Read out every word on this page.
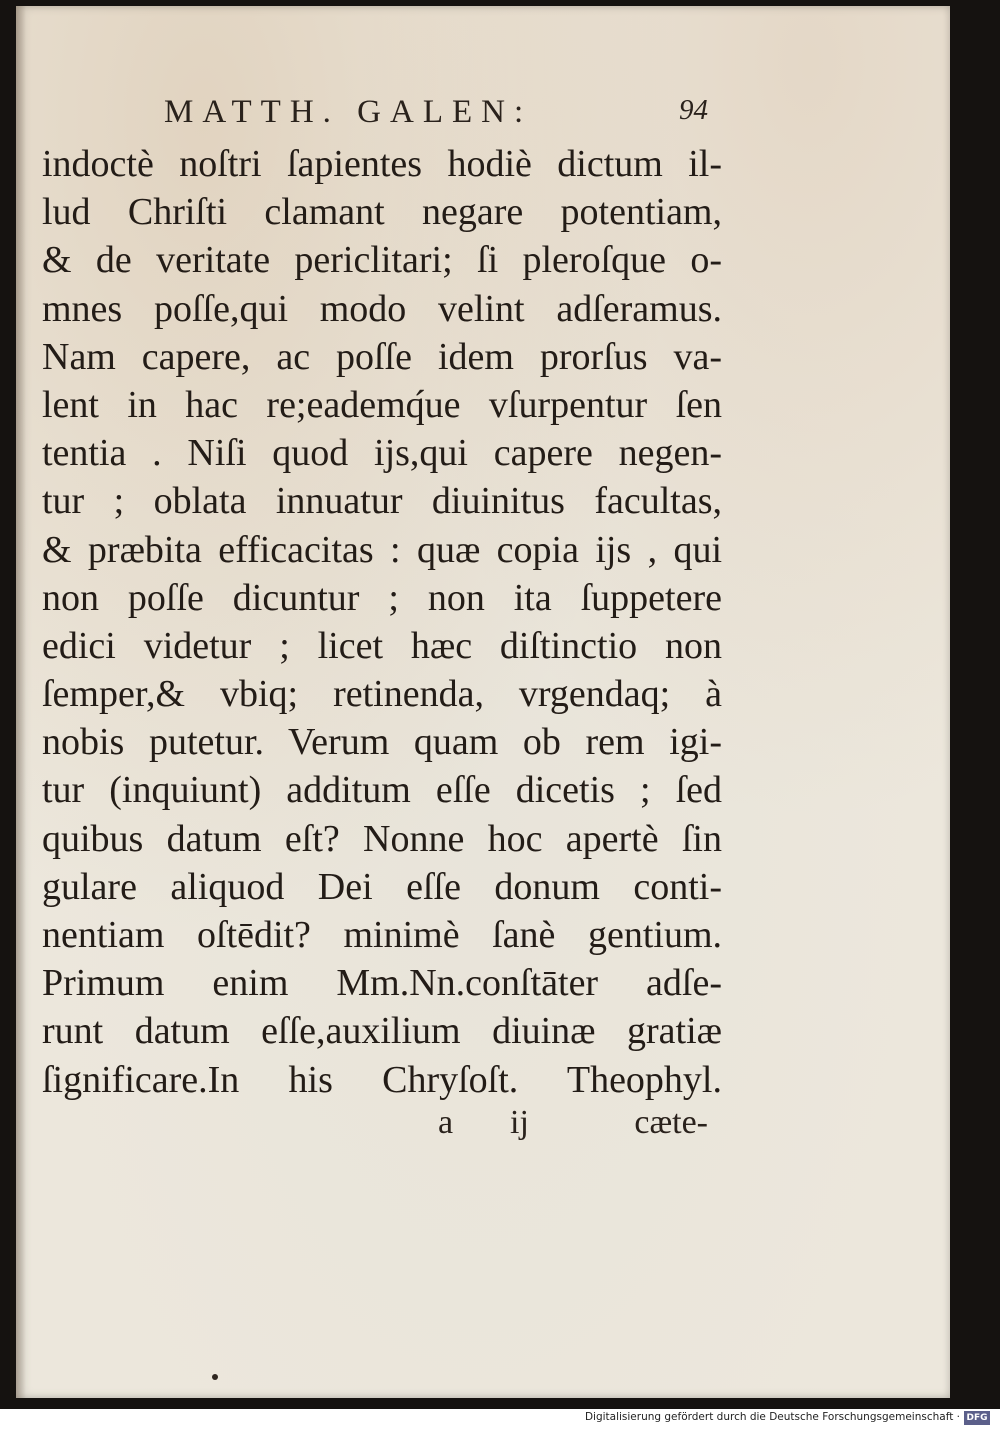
MATTH. GALEN:	94
indoctè noſtri ſapientes hodiè dictum il-
lud Chriſti clamant negare potentiam,
& de veritate periclitari; ſi pleroſque o-
mnes poſſe,qui modo velint adſeramus.
Nam capere, ac poſſe idem prorſus va-
lent in hac re;eademq́ue vſurpentur ſen
tentia . Niſi quod ijs,qui capere negen-
tur ; oblata innuatur diuinitus facultas,
& præbita efficacitas : quæ copia ijs , qui
non poſſe dicuntur ; non ita ſuppetere
edici videtur ; licet hæc diſtinctio non
ſemper,& vbiq; retinenda, vrgendaq; à
nobis putetur. Verum quam ob rem igi-
tur (inquiunt) additum eſſe dicetis ; ſed
quibus datum eſt? Nonne hoc apertè ſin
gulare aliquod Dei eſſe donum conti-
nentiam oſtēdit? minimè ſanè gentium.
Primum enim Mm.Nn.conſtāter adſe-
runt datum eſſe,auxilium diuinæ gratiæ
ſignificare.In his Chryſoſt. Theophyl.
a ij	cæte-
Digitalisierung gefördert durch die Deutsche Forschungsgemeinschaft · DFG
